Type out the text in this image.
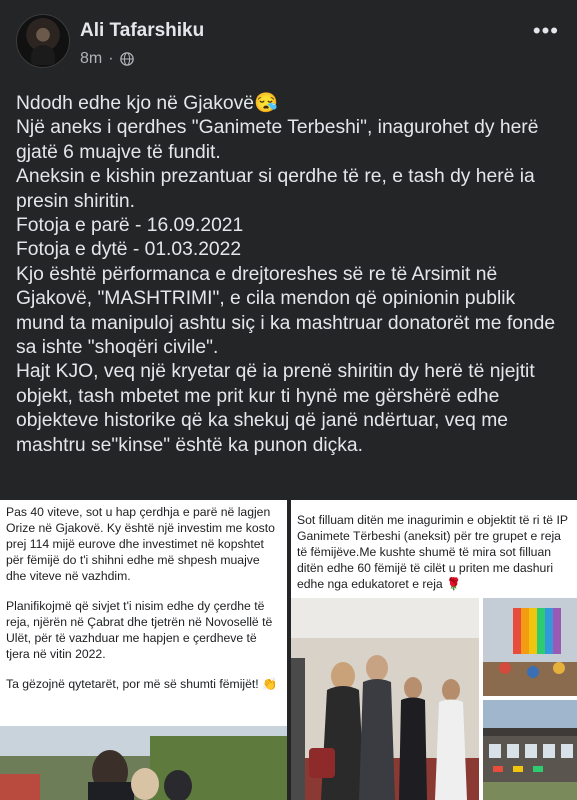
Ali Tafarshiku
8m ·
•••

Ndodh edhe kjo në Gjakovë😪

Një aneks i qerdhes "Ganimete Terbeshi", inagurohet dy herë gjatë 6 muajve të fundit.

Aneksin e kishin prezantuar si qerdhe të re, e tash dy herë ia presin shiritin.

Fotoja e parë - 16.09.2021

Fotoja e dytë - 01.03.2022

Kjo është përformanca e drejtoreshes së re të Arsimit në Gjakovë, "MASHTRIMI", e cila mendon që opinionin publik mund ta manipuloj ashtu siç i ka mashtruar donatorët me fonde sa ishte "shoqëri civile".

Hajt KJO, veq një kryetar që ia prenë shiritin dy herë të njejtit objekt, tash mbetet me prit kur ti hynë me gërshërë edhe objekteve historike që ka shekuj që janë ndërtuar, veq me mashtru se"kinse" është ka punon diçka.

Pas 40 viteve, sot u hap çerdhja e parë në lagjen Orize në Gjakovë. Ky është një investim me kosto prej 114 mijë eurove dhe investimet në kopshtet për fëmijë do t'i shihni edhe më shpesh muajve dhe viteve në vazhdim.

Planifikojmë që sivjet t'i nisim edhe dy çerdhe të reja, njërën në Çabrat dhe tjetrën në Novosellë të Ulët, për të vazhduar me hapjen e çerdheve të tjera në vitin 2022.

Ta gëzojnë qytetarët, por më së shumti fëmijët! 👏

Sot filluam ditën me inagurimin e objektit të ri të IP Ganimete Tërbeshi (aneksit) për tre grupet e reja të fëmijëve.Me kushte shumë të mira sot filluan ditën edhe 60 fëmijë të cilët u priten me dashuri edhe nga edukatoret e reja 🌹
